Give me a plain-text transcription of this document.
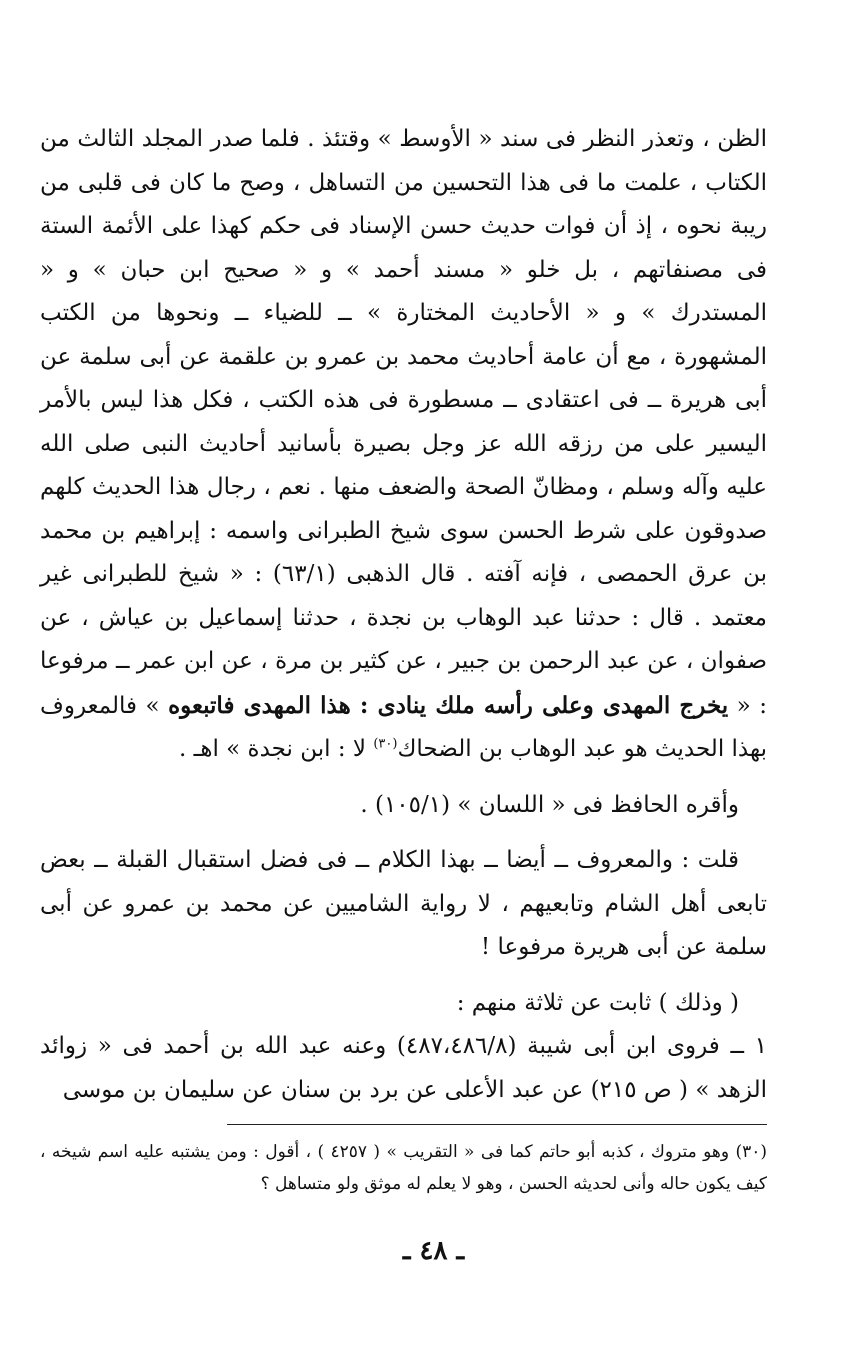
الظن ، وتعذر النظر فى سند « الأوسط » وقتئذ . فلما صدر المجلد الثالث من الكتاب ، علمت ما فى هذا التحسين من التساهل ، وصح ما كان فى قلبى من ريبة نحوه ، إذ أن فوات حديث حسن الإسناد فى حكم كهذا على الأئمة الستة فى مصنفاتهم ، بل خلو « مسند أحمد » و « صحيح ابن حبان » و « المستدرك » و « الأحاديث المختارة » ــ للضياء ــ ونحوها من الكتب المشهورة ، مع أن عامة أحاديث محمد بن عمرو بن علقمة عن أبى سلمة عن أبى هريرة ــ فى اعتقادى ــ مسطورة فى هذه الكتب ، فكل هذا ليس بالأمر اليسير على من رزقه الله عز وجل بصيرة بأسانيد أحاديث النبى صلى الله عليه وآله وسلم ، ومظانّ الصحة والضعف منها . نعم ، رجال هذا الحديث كلهم صدوقون على شرط الحسن سوى شيخ الطبرانى واسمه : إبراهيم بن محمد بن عرق الحمصى ، فإنه آفته . قال الذهبى (٦٣/١) : « شيخ للطبرانى غير معتمد . قال : حدثنا عبد الوهاب بن نجدة ، حدثنا إسماعيل بن عياش ، عن صفوان ، عن عبد الرحمن بن جبير ، عن كثير بن مرة ، عن ابن عمر ــ مرفوعا : « يخرج المهدى وعلى رأسه ملك ينادى : هذا المهدى فاتبعوه » فالمعروف بهذا الحديث هو عبد الوهاب بن الضحاك$^{(٣٠)}$ لا : ابن نجدة » اهـ .

وأقره الحافظ فى « اللسان » (١٠٥/١) .

قلت : والمعروف ــ أيضا ــ بهذا الكلام ــ فى فضل استقبال القبلة ــ بعض تابعى أهل الشام وتابعيهم ، لا رواية الشاميين عن محمد بن عمرو عن أبى سلمة عن أبى هريرة مرفوعا !

( وذلك ) ثابت عن ثلاثة منهم :

١ ــ فروى ابن أبى شيبة (٤٨٧،٤٨٦/٨) وعنه عبد الله بن أحمد فى « زوائد الزهد » ( ص ٢١٥) عن عبد الأعلى عن برد بن سنان عن سليمان بن موسى

(٣٠) وهو متروك ، كذبه أبو حاتم كما فى « التقريب » ( ٤٢٥٧ ) ، أقول : ومن يشتبه عليه اسم شيخه ، كيف يكون حاله وأنى لحديثه الحسن ، وهو لا يعلم له موثق ولو متساهل ؟
ـ ٤٨ ـ
